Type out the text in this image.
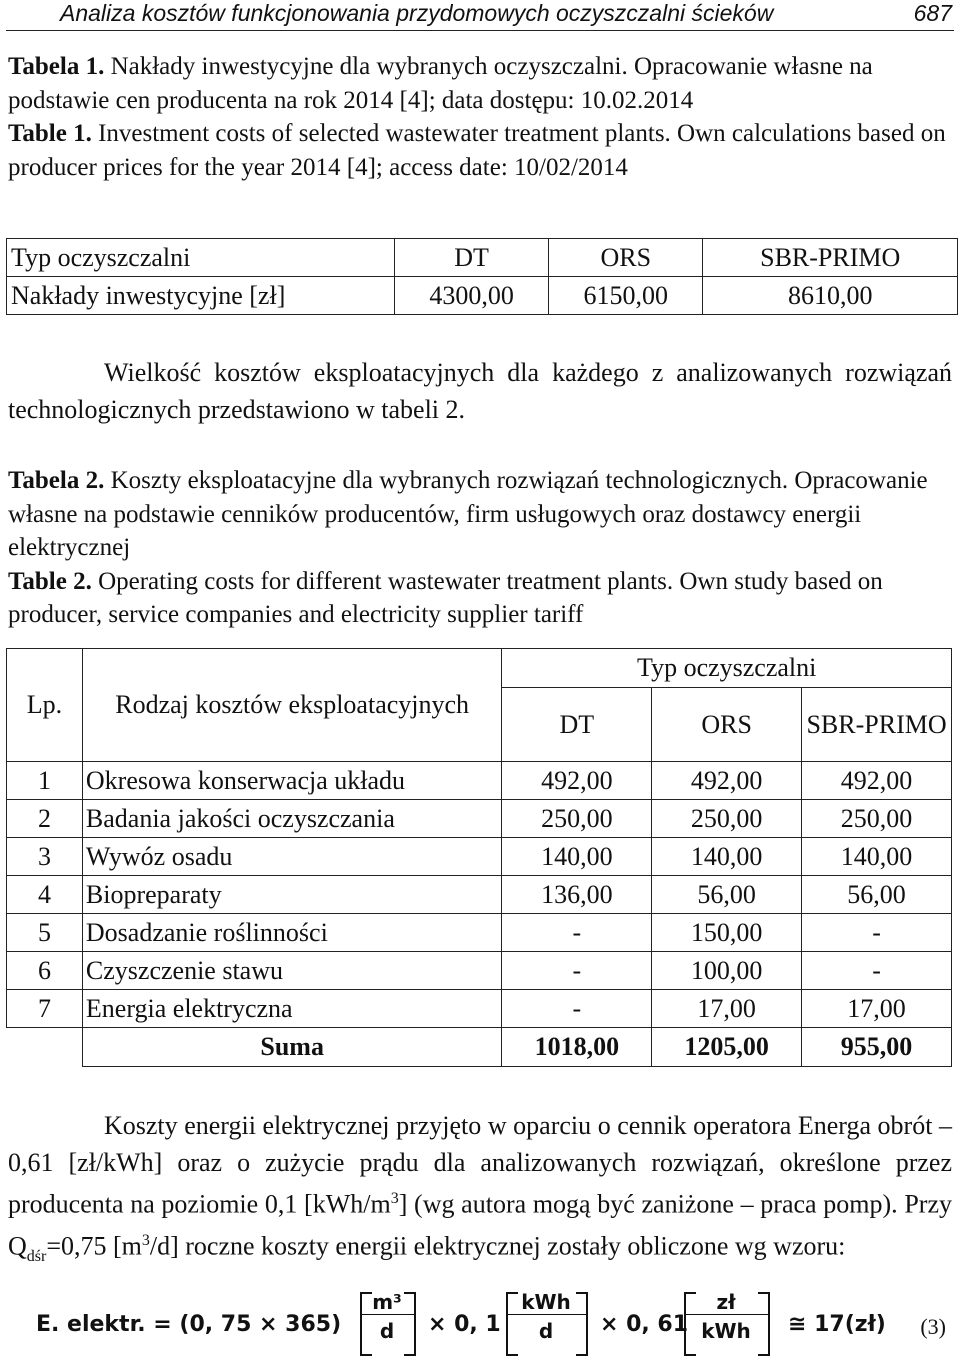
Analiza kosztów funkcjonowania przydomowych oczyszczalni ścieków	687

Tabela 1. Nakłady inwestycyjne dla wybranych oczyszczalni. Opracowanie własne na podstawie cen producenta na rok 2014 [4]; data dostępu: 10.02.2014
Table 1. Investment costs of selected wastewater treatment plants. Own calculations based on producer prices for the year 2014 [4]; access date: 10/02/2014

Typ oczyszczalni	DT	ORS	SBR-PRIMO
Nakłady inwestycyjne [zł]	4300,00	6150,00	8610,00

Wielkość kosztów eksploatacyjnych dla każdego z analizowanych rozwiązań technologicznych przedstawiono w tabeli 2.

Tabela 2. Koszty eksploatacyjne dla wybranych rozwiązań technologicznych. Opracowanie własne na podstawie cenników producentów, firm usługowych oraz dostawcy energii elektrycznej
Table 2. Operating costs for different wastewater treatment plants. Own study based on producer, service companies and electricity supplier tariff

Lp.	Rodzaj kosztów eksploatacyjnych	Typ oczyszczalni		
		DT	ORS	SBR-PRIMO
1	Okresowa konserwacja układu	492,00	492,00	492,00
2	Badania jakości oczyszczania	250,00	250,00	250,00
3	Wywóz osadu	140,00	140,00	140,00
4	Biopreparaty	136,00	56,00	56,00
5	Dosadzanie roślinności	-	150,00	-
6	Czyszczenie stawu	-	100,00	-
7	Energia elektryczna	-	17,00	17,00
	Suma	1018,00	1205,00	955,00

Koszty energii elektrycznej przyjęto w oparciu o cennik operatora Energa obrót – 0,61 [zł/kWh] oraz o zużycie prądu dla analizowanych rozwiązań, określone przez producenta na poziomie 0,1 $[kWh/m^3]$ (wg autora mogą być zaniżone – praca pomp). Przy $Q_{dśr}=0,75$ $[m^3/d]$ roczne koszty energii elektrycznej zostały obliczone wg wzoru:

E. elektr. = (0, $75 \times 365) \frac{\text{m³}}{d} \times 0$, 1
kWh
d	× 0, 61
zł
kWh	≅ 17(zł) (3)
